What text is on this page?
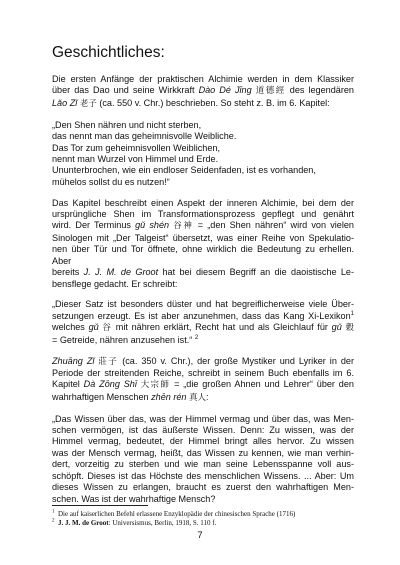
Geschichtliches:
Die ersten Anfänge der praktischen Alchimie werden in dem Klassiker
über das Dao und seine Wirkkraft Dào Dé Jīng 道德經 des legendären
Lǎo Zǐ 老子 (ca. 550 v. Chr.) beschrieben. So steht z. B. im 6. Kapitel:
„Den Shen nähren und nicht sterben,
das nennt man das geheimnisvolle Weibliche.
Das Tor zum geheimnisvollen Weiblichen,
nennt man Wurzel von Himmel und Erde.
Ununterbrochen, wie ein endloser Seidenfaden, ist es vorhanden,
mühelos sollst du es nutzen!“
Das Kapitel beschreibt einen Aspekt der inneren Alchimie, bei dem der
ursprüngliche Shen im Transformationsprozess gepflegt und genährt
wird. Der Terminus gǔ shén 谷神 = „den Shen nähren“ wird von vielen
Sinologen mit „Der Talgeist“ übersetzt, was einer Reihe von Spekulatio-
nen über Tür und Tor öffnete, ohne wirklich die Bedeutung zu erhellen. Aber
bereits J. J. M. de Groot hat bei diesem Begriff an die daoistische Le-
bensflege gedacht. Er schreibt:
„Dieser Satz ist besonders düster und hat begreiflicherweise viele Über-
setzungen erzeugt. Es ist aber anzunehmen, dass das Kang Xi-Lexikon$^1$
welches gǔ 谷 mit nähren erklärt, Recht hat und als Gleichlauf für gǔ 穀
= Getreide, nähren anzusehen ist.“ $^2$
Zhuāng Zǐ 莊子 (ca. 350 v. Chr.), der große Mystiker und Lyriker in der
Periode der streitenden Reiche, schreibt in seinem Buch ebenfalls im 6.
Kapitel Dà Zōng Shī 大宗師 = „die großen Ahnen und Lehrer“ über den
wahrhaftigen Menschen zhēn rén 真人:
„Das Wissen über das, was der Himmel vermag und über das, was Men-
schen vermögen, ist das äußerste Wissen. Denn: Zu wissen, was der
Himmel vermag, bedeutet, der Himmel bringt alles hervor. Zu wissen
was der Mensch vermag, heißt, das Wissen zu kennen, wie man verhin-
dert, vorzeitig zu sterben und wie man seine Lebensspanne voll aus-
schöpft. Dieses ist das Höchste des menschlichen Wissens. ... Aber: Um
dieses Wissen zu erlangen, braucht es zuerst den wahrhaftigen Men-
schen. Was ist der wahrhaftige Mensch?
$^1$ Die auf kaiserlichen Befehl erlassene Enzyklopädie der chinesischen Sprache (1716)
$^2$ J. J. M. de Groot: Universismus, Berlin, 1918, S. 110 f.
7
